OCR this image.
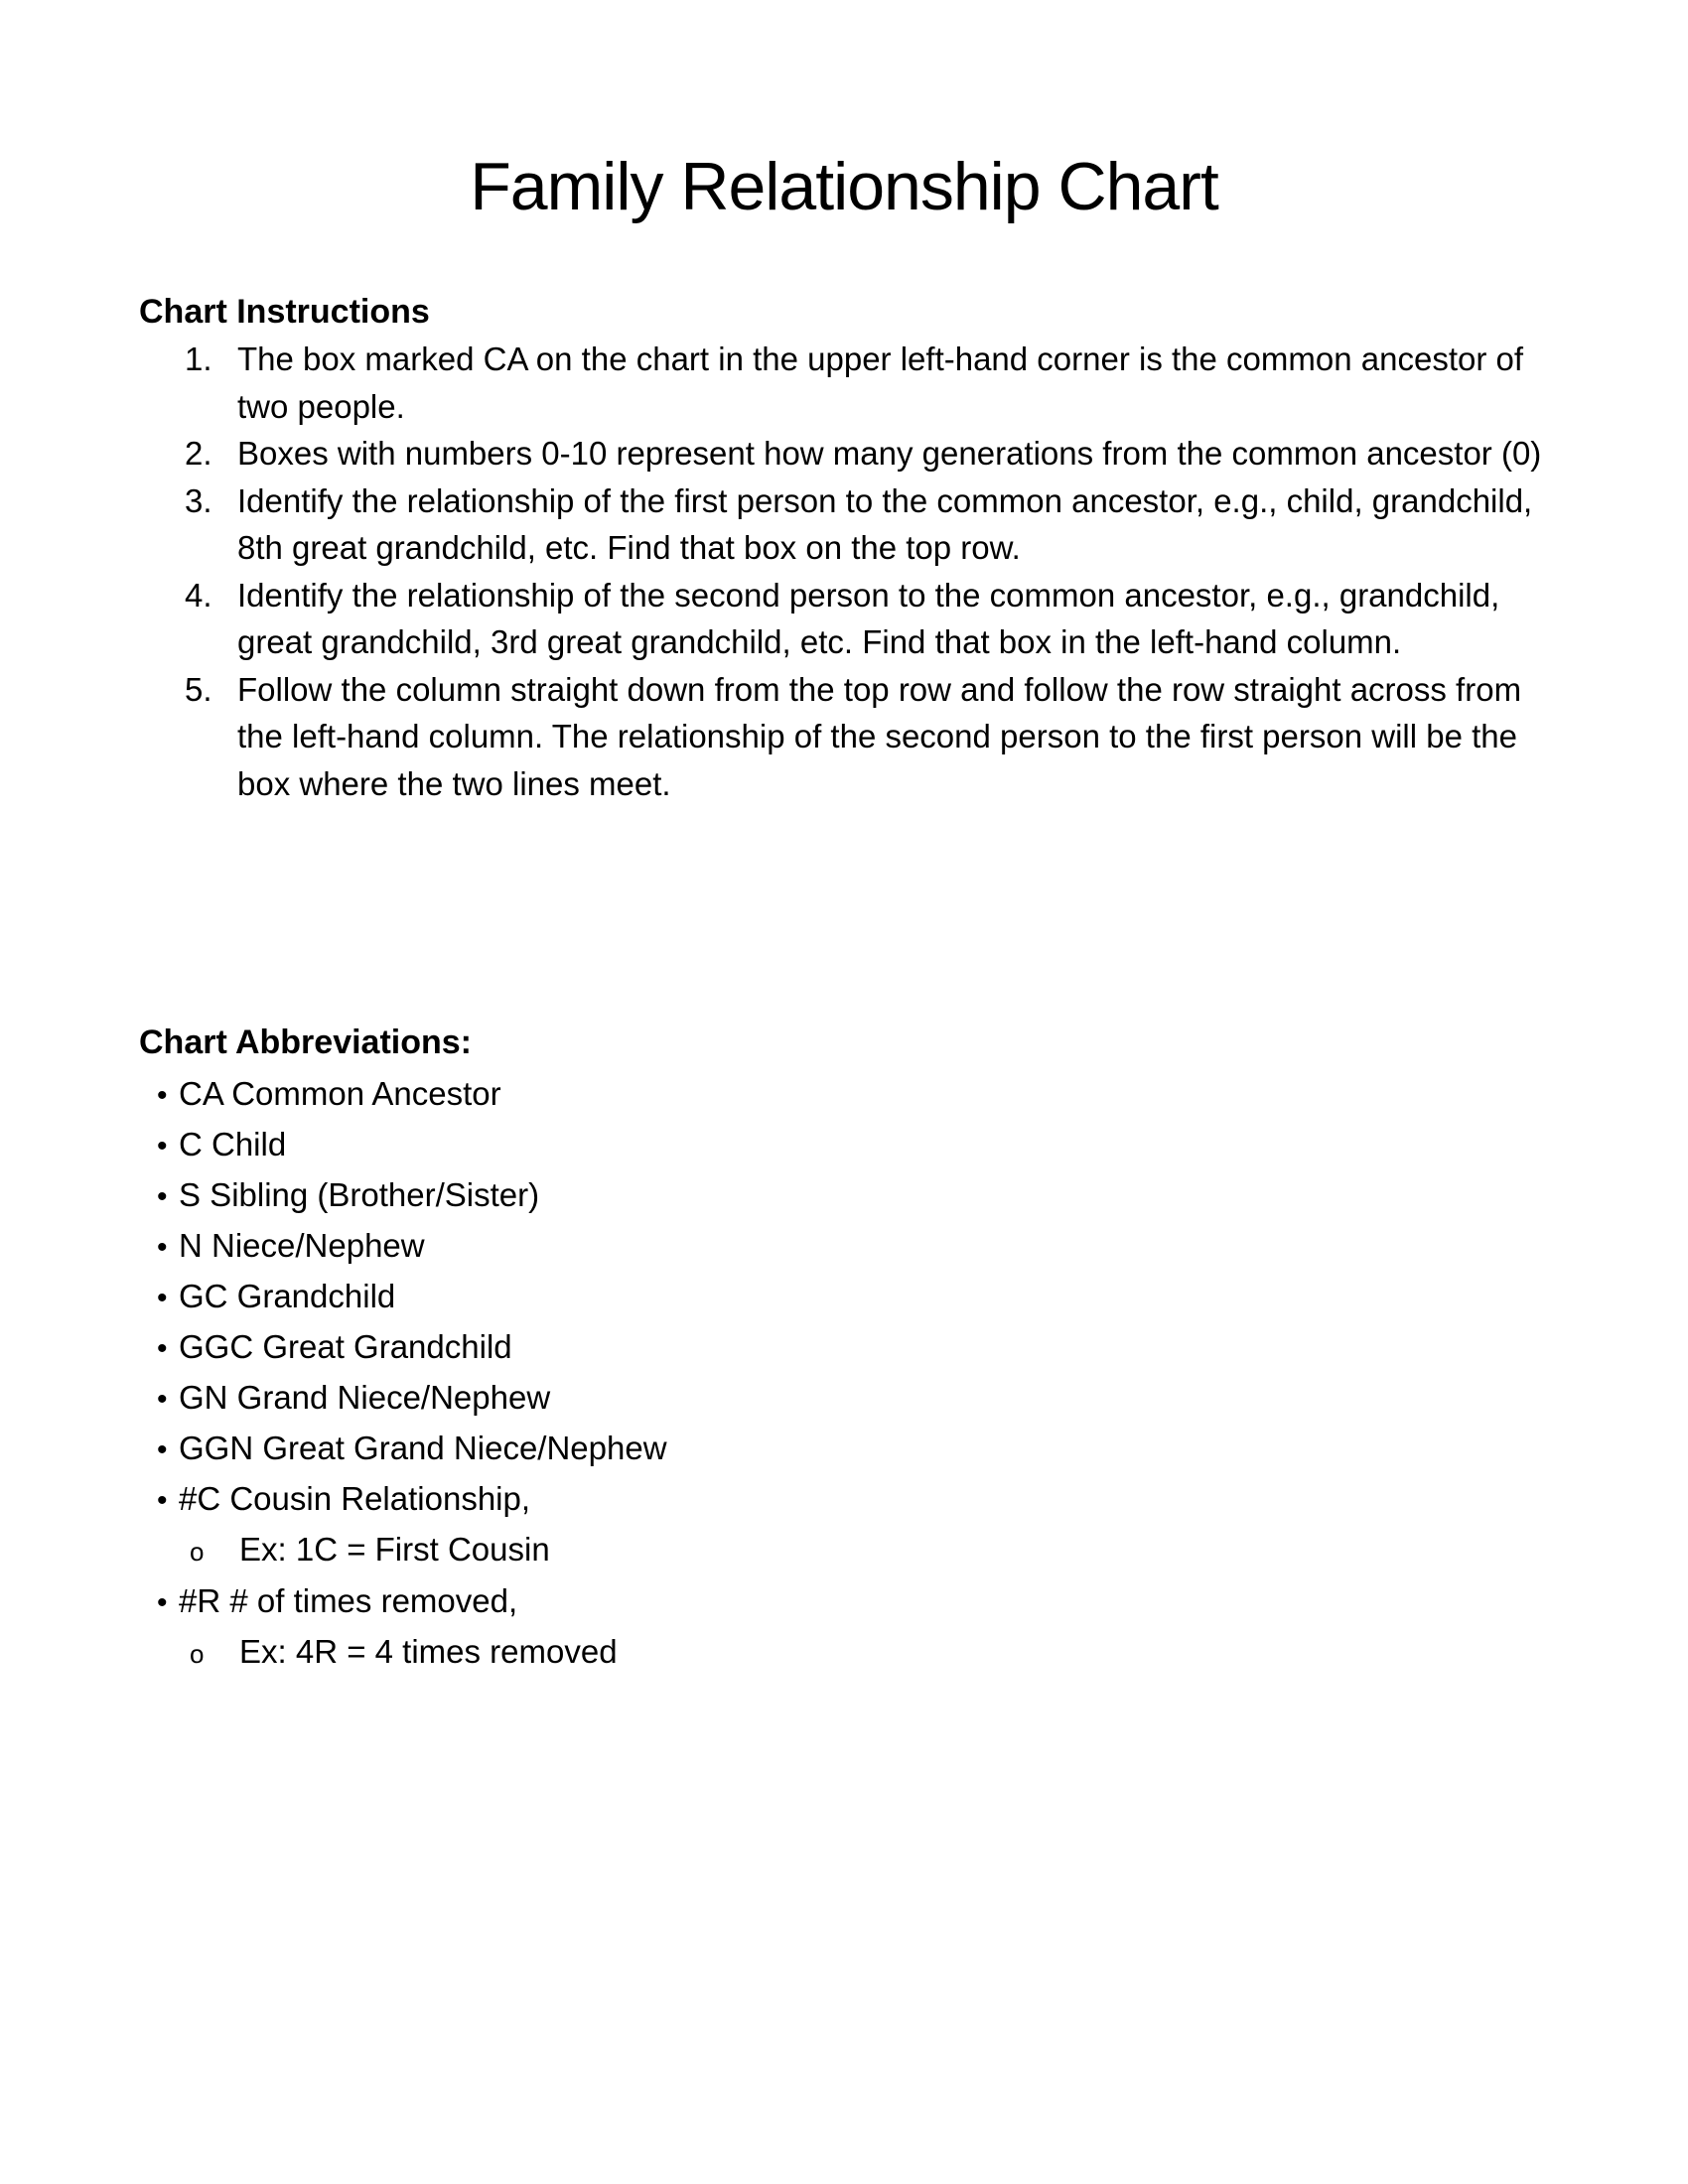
Family Relationship Chart
Chart Instructions
1. The box marked CA on the chart in the upper left-hand corner is the common ancestor of two people.
2. Boxes with numbers 0-10 represent how many generations from the common ancestor (0)
3. Identify the relationship of the first person to the common ancestor, e.g., child, grandchild, 8th great grandchild, etc. Find that box on the top row.
4. Identify the relationship of the second person to the common ancestor, e.g., grandchild, great grandchild, 3rd great grandchild, etc. Find that box in the left-hand column.
5. Follow the column straight down from the top row and follow the row straight across from the left-hand column. The relationship of the second person to the first person will be the box where the two lines meet.
Chart Abbreviations:
• CA Common Ancestor
• C Child
• S Sibling (Brother/Sister)
• N Niece/Nephew
• GC Grandchild
• GGC Great Grandchild
• GN Grand Niece/Nephew
• GGN Great Grand Niece/Nephew
• #C Cousin Relationship,
o Ex: 1C = First Cousin
• #R # of times removed,
o Ex: 4R = 4 times removed
